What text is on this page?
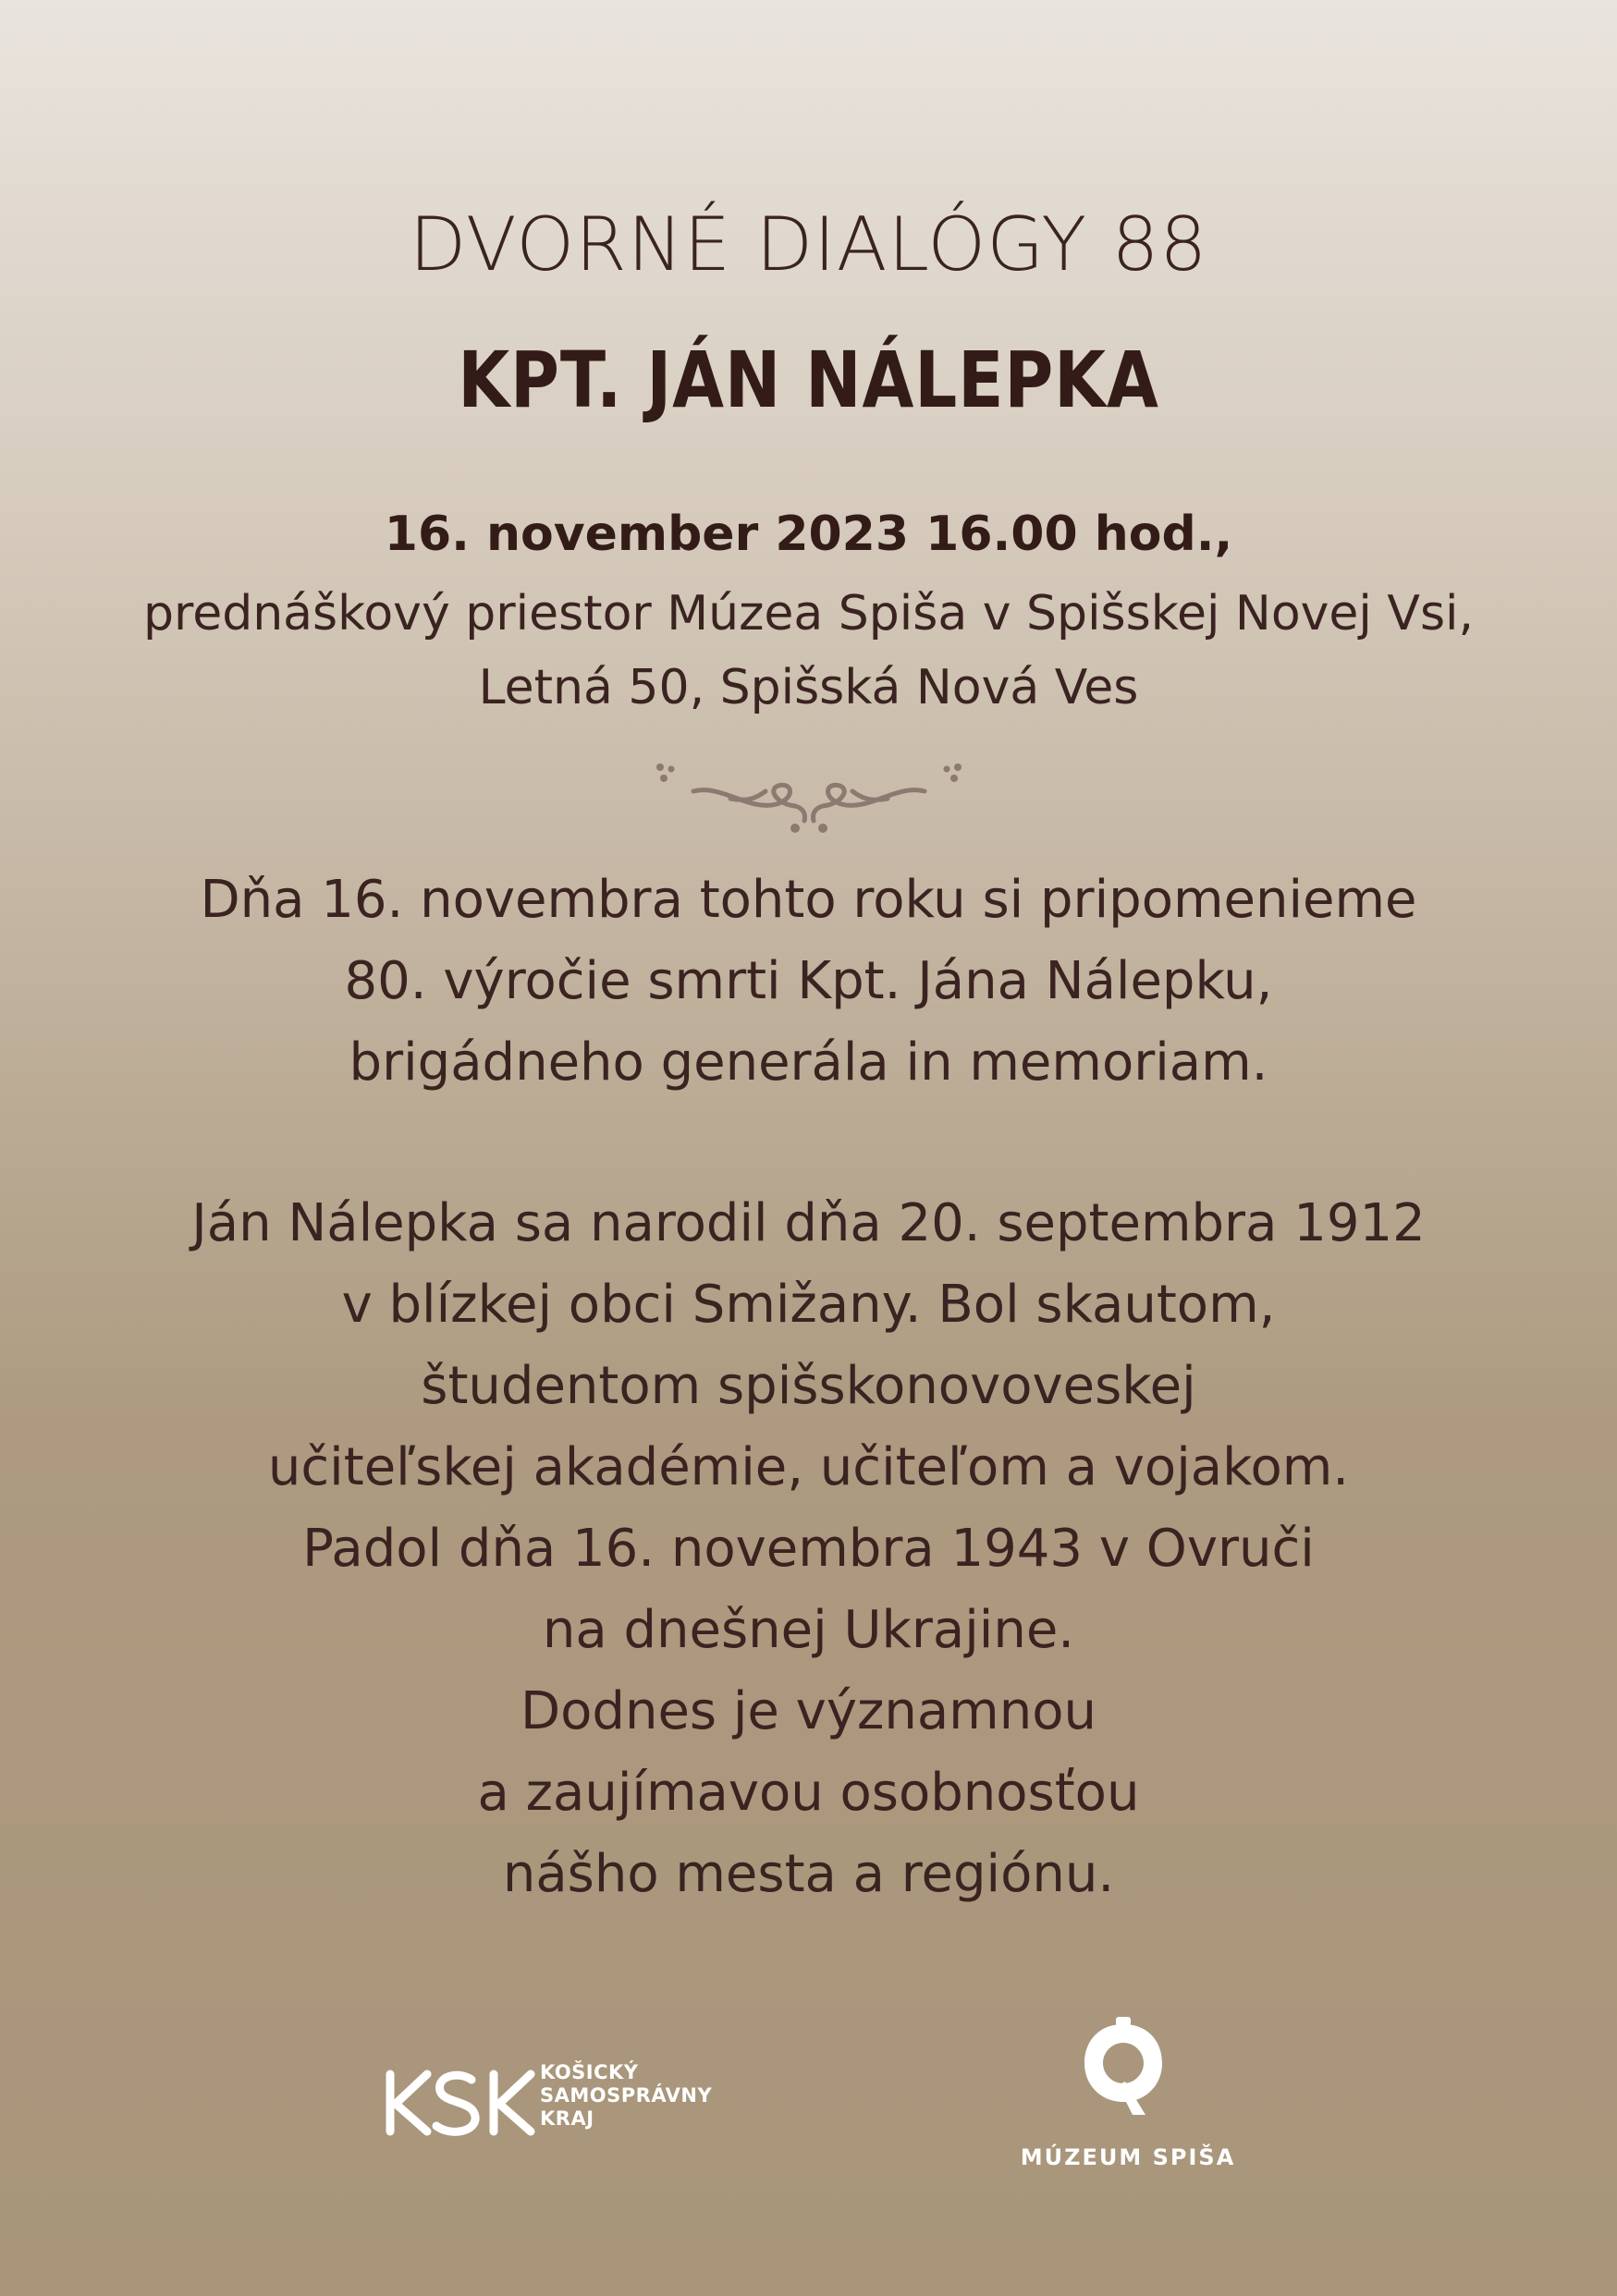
DVORNÉ DIALÓGY 88
KPT. JÁN NÁLEPKA
16. november 2023 16.00 hod.,
prednáškový priestor Múzea Spiša v Spišskej Novej Vsi,
Letná 50, Spišská Nová Ves
Dňa 16. novembra tohto roku si pripomenieme
80. výročie smrti Kpt. Jána Nálepku,
brigádneho generála in memoriam.
Ján Nálepka sa narodil dňa 20. septembra 1912
v blízkej obci Smižany. Bol skautom,
študentom spišskonovoveskej
učiteľskej akadémie, učiteľom a vojakom.
Padol dňa 16. novembra 1943 v Ovruči
na dnešnej Ukrajine.
Dodnes je významnou
a zaujímavou osobnosťou
nášho mesta a regiónu.
KOŠICKÝ
SAMOSPRÁVNY
KRAJ
MÚZEUM SPIŠA
